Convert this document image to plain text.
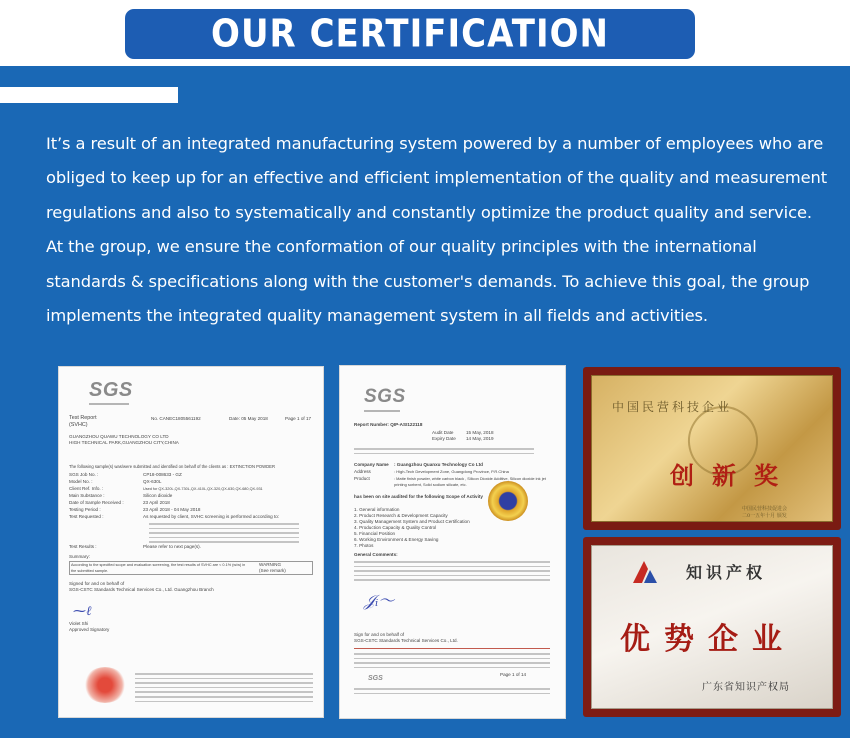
OUR CERTIFICATION

It’s a result of an integrated manufacturing system powered by a number of employees who are

obliged to keep up for an effective and efficient implementation of the quality and measurement

regulations and also to systematically and constantly optimize the product quality and service.

At the group, we ensure the conformation of our quality principles with the international

standards & specifications along with the customer's demands. To achieve this goal, the group

implements the integrated quality management system in all fields and activities.

SGS
Test Report
(SVHC)
No. CANEC1805561192	Date: 05 May 2018	Page 1 of 17
GUANGZHOU QUAWU TECHNOLOGY CO LTD
HIGH TECHNICAL PARK,GUANGZHOU CITY,CHINA
The following sample(s) was/were submitted and identified on behalf of the clients as : EXTINCTION POWDER
SGS Job No. :	CP18-008633 - GZ
Model No. :	QX-630L
Client Ref. Info. :	Used for QX-320L,QX-730L,QX-410L,QX-320,QX-630,QX-680,QX-931
Main Substance :	Silicon dioxide
Date of Sample Received :	23 April 2018
Testing Period :	23 April 2018 - 04 May 2018
Test Requested :	As requested by client, SVHC screening is performed according to:
Test Results :	Please refer to next page(s).
Summary:
According to the specified scope and evaluation screening, the test results of SVHC are < 0.1% (w/w) in the submitted sample.
WARNING
(See remark)
Signed for and on behalf of
SGS-CSTC Standards Technical Services Co., Ltd. Guangzhou Branch
⁓ℓ
Violet Shi
Approved Signatory
SGS
Report Number: QIP-ASI122118
Audit Date	15 May, 2018
Expiry Date 14 May, 2019
Company Name : Guangzhou Quanxu Technology Co Ltd
Address	: High-Tech Development Zone, Guangdong Province, P.R.China
Product	: Matte finish powder, white carbon black , Silicon Dioxide Additive, Silicon dioxide ink jet printing sorbent, Solid sodium silicate, etc.
has been on site audited for the following Scope of Activity
1. General information
2. Product Research & Development Capacity
3. Quality Management System and Product Certification
4. Production Capacity & Quality Control
5. Financial Position
6. Working Environment & Energy Saving
7. Photos
General Comments:
𝒥ᵢ〜
Sign for and on behalf of
SGS-CSTC Standards Technical Services Co., Ltd.
SGS
Page 1 of 14
中国民营科技企业
创新奖
中国民营科技促进会
二0一五年十月 颁发
知识产权
优势企业
广东省知识产权局
